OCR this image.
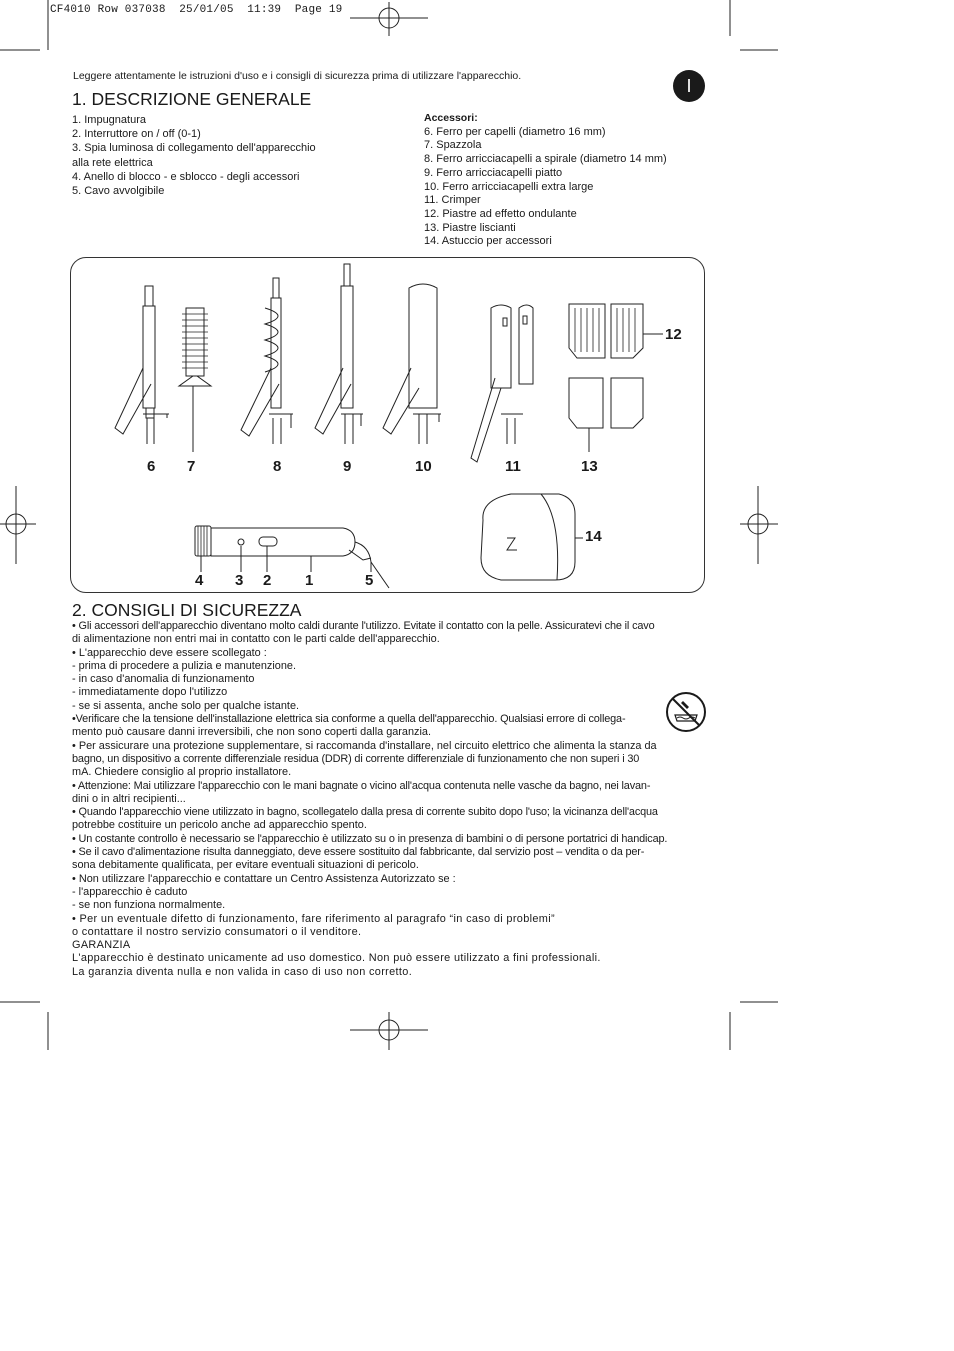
CF4010 Row 037038  25/01/05  11:39  Page 19
Leggere attentamente le istruzioni d'uso e i consigli di sicurezza prima di utilizzare l'apparecchio.	I
1. DESCRIZIONE GENERALE
1. Impugnatura
2. Interruttore on / off (0-1)
3. Spia luminosa di collegamento dell'apparecchio
alla rete elettrica
4. Anello di blocco - e sblocco - degli accessori
5. Cavo avvolgibile
Accessori:
6. Ferro per capelli (diametro 16 mm)
7. Spazzola
8. Ferro arricciacapelli a spirale (diametro 14 mm)
9. Ferro arricciacapelli piatto
10. Ferro arricciacapelli extra large
11. Crimper
12. Piastre ad effetto ondulante
13. Piastre liscianti
14. Astuccio per accessori
6 7	8	9	10	11	13
12
14
4 3 2 1	5
2. CONSIGLI DI SICUREZZA
• Gli accessori dell'apparecchio diventano molto caldi durante l'utilizzo. Evitate il contatto con la pelle. Assicuratevi che il cavo
di alimentazione non entri mai in contatto con le parti calde dell'apparecchio.
• L'apparecchio deve essere scollegato :
- prima di procedere a pulizia e manutenzione.
- in caso d'anomalia di funzionamento
- immediatamente dopo l'utilizzo
- se si assenta, anche solo per qualche istante.
•Verificare che la tensione dell'installazione elettrica sia conforme a quella dell'apparecchio. Qualsiasi errore di collega-
mento può causare danni irreversibili, che non sono coperti dalla garanzia.
• Per assicurare una protezione supplementare, si raccomanda d'installare, nel circuito elettrico che alimenta la stanza da
bagno, un dispositivo a corrente differenziale residua (DDR) di corrente differenziale di funzionamento che non superi i 30
mA. Chiedere consiglio al proprio installatore.
• Attenzione: Mai utilizzare l'apparecchio con le mani bagnate o vicino all'acqua contenuta nelle vasche da bagno, nei lavan-
dini o in altri recipienti...
• Quando l'apparecchio viene utilizzato in bagno, scollegatelo dalla presa di corrente subito dopo l'uso; la vicinanza dell'acqua
potrebbe costituire un pericolo anche ad apparecchio spento.
• Un costante controllo è necessario se l'apparecchio è utilizzato su o in presenza di bambini o di persone portatrici di handicap.
• Se il cavo d'alimentazione risulta danneggiato, deve essere sostituito dal fabbricante, dal servizio post – vendita o da per-
sona debitamente qualificata, per evitare eventuali situazioni di pericolo.
• Non utilizzare l'apparecchio e contattare un Centro Assistenza Autorizzato se :
- l'apparecchio è caduto
- se non funziona normalmente.
• Per un eventuale difetto di funzionamento, fare riferimento al paragrafo “in caso di problemi”
o contattare il nostro servizio consumatori o il venditore.
GARANZIA
L'apparecchio è destinato unicamente ad uso domestico. Non può essere utilizzato a fini professionali.
La garanzia diventa nulla e non valida in caso di uso non corretto.
